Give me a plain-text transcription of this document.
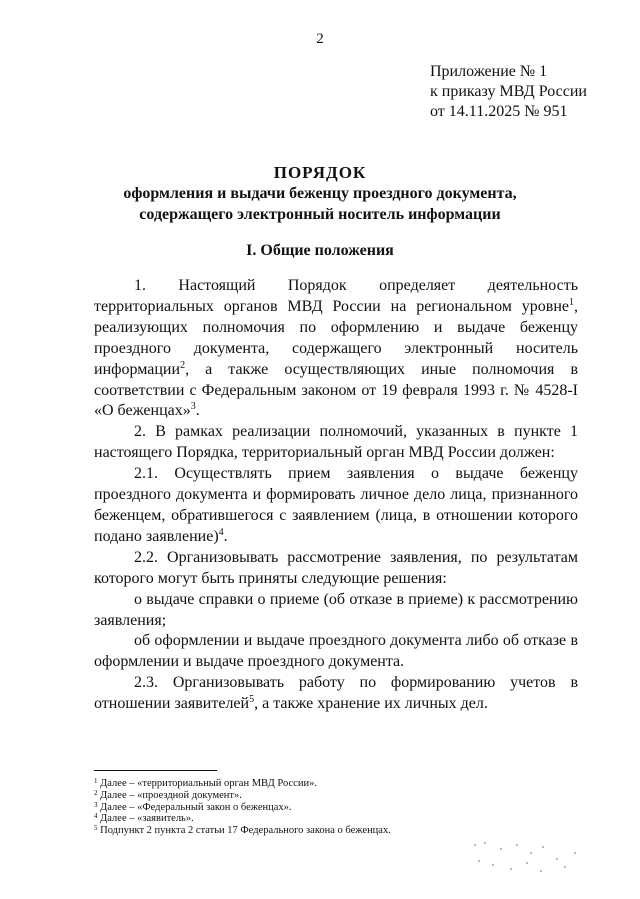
2
Приложение № 1
к приказу МВД России
от 14.11.2025 № 951
ПОРЯДОК
оформления и выдачи беженцу проездного документа,
содержащего электронный носитель информации
I. Общие положения

1. Настоящий Порядок определяет деятельность территориальных органов МВД России на региональном уровне$^1$, реализующих полномочия по оформлению и выдаче беженцу проездного документа, содержащего электронный носитель информации$^2$, а также осуществляющих иные полномочия в соответствии с Федеральным законом от 19 февраля 1993 г. № 4528-I «О беженцах»$^3$.

2. В рамках реализации полномочий, указанных в пункте 1 настоящего Порядка, территориальный орган МВД России должен:

2.1. Осуществлять прием заявления о выдаче беженцу проездного документа и формировать личное дело лица, признанного беженцем, обратившегося с заявлением (лица, в отношении которого подано заявление)$^4$.

2.2. Организовывать рассмотрение заявления, по результатам которого могут быть приняты следующие решения:

о выдаче справки о приеме (об отказе в приеме) к рассмотрению заявления;

об оформлении и выдаче проездного документа либо об отказе в оформлении и выдаче проездного документа.

2.3. Организовывать работу по формированию учетов в отношении заявителей$^5$, а также хранение их личных дел.

$^1$ Далее – «территориальный орган МВД России».
$^2$ Далее – «проездной документ».
$^3$ Далее – «Федеральный закон о беженцах».
$^4$ Далее – «заявитель».
$^5$ Подпункт 2 пункта 2 статьи 17 Федерального закона о беженцах.
